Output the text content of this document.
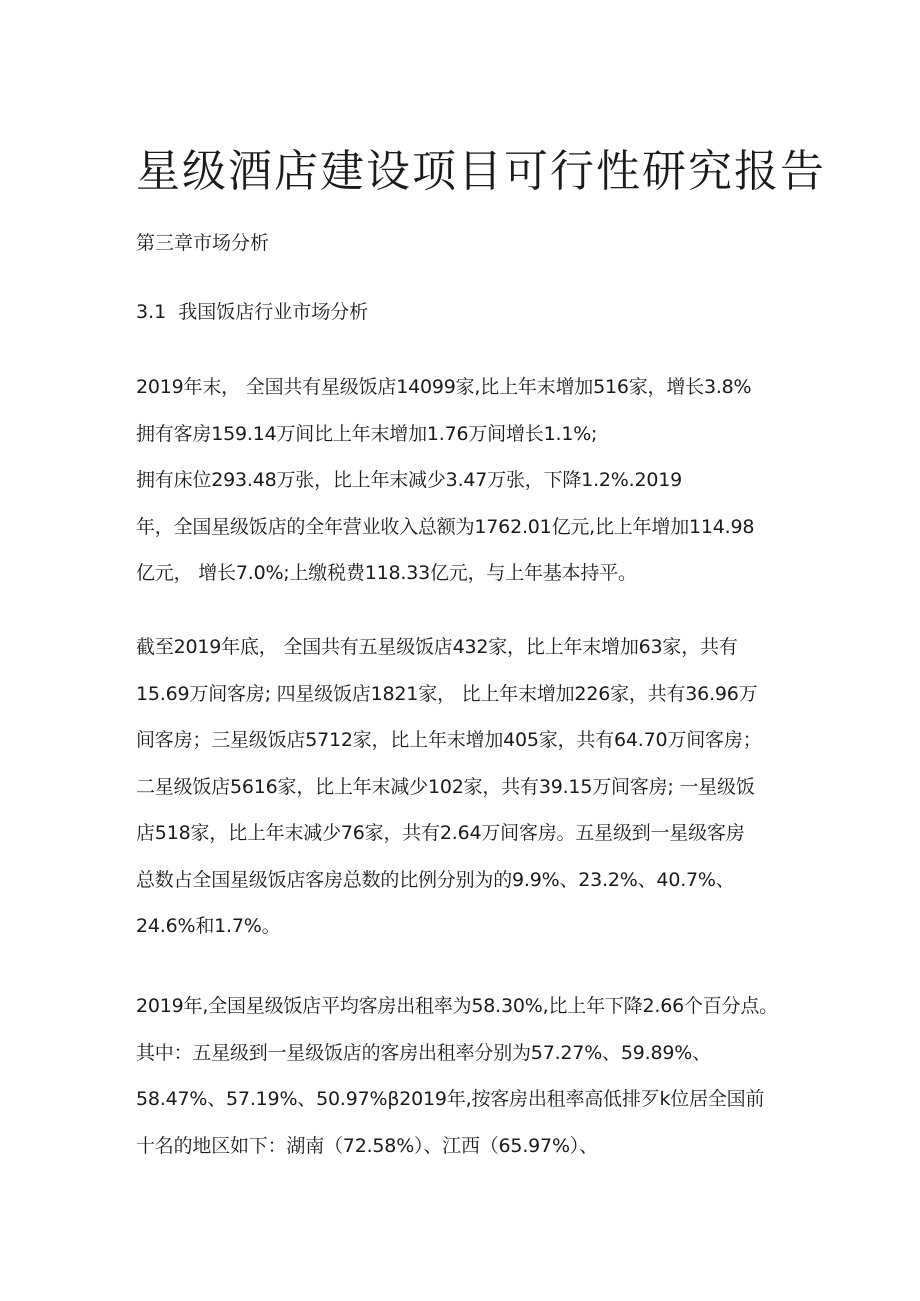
星级酒店建设项目可行性研究报告
第三章市场分析
3.1 我国饭店行业市场分析
2019年末， 全国共有星级饭店14099家,比上年末增加516家，增长3.8%
拥有客房159.14万间比上年末增加1.76万间增长1.1%;
拥有床位293.48万张，比上年末减少3.47万张，下降1.2%.2019
年，全国星级饭店的全年营业收入总额为1762.01亿元,比上年增加114.98
亿元， 增长7.0%;上缴税费118.33亿元，与上年基本持平。
截至2019年底， 全国共有五星级饭店432家，比上年末增加63家，共有
15.69万间客房; 四星级饭店1821家， 比上年末增加226家，共有36.96万
间客房；三星级饭店5712家，比上年末增加405家，共有64.70万间客房；
二星级饭店5616家，比上年末减少102家，共有39.15万间客房; 一星级饭
店518家，比上年末减少76家，共有2.64万间客房。五星级到一星级客房
总数占全国星级饭店客房总数的比例分别为的9.9%、23.2%、40.7%、
24.6%和1.7%。
2019年,全国星级饭店平均客房出租率为58.30%,比上年下降2.66个百分点。
其中：五星级到一星级饭店的客房出租率分别为57.27%、59.89%、
58.47%、57.19%、50.97%β2019年,按客房出租率高低排歹k位居全国前
十名的地区如下：湖南（72.58%）、江西（65.97%）、
